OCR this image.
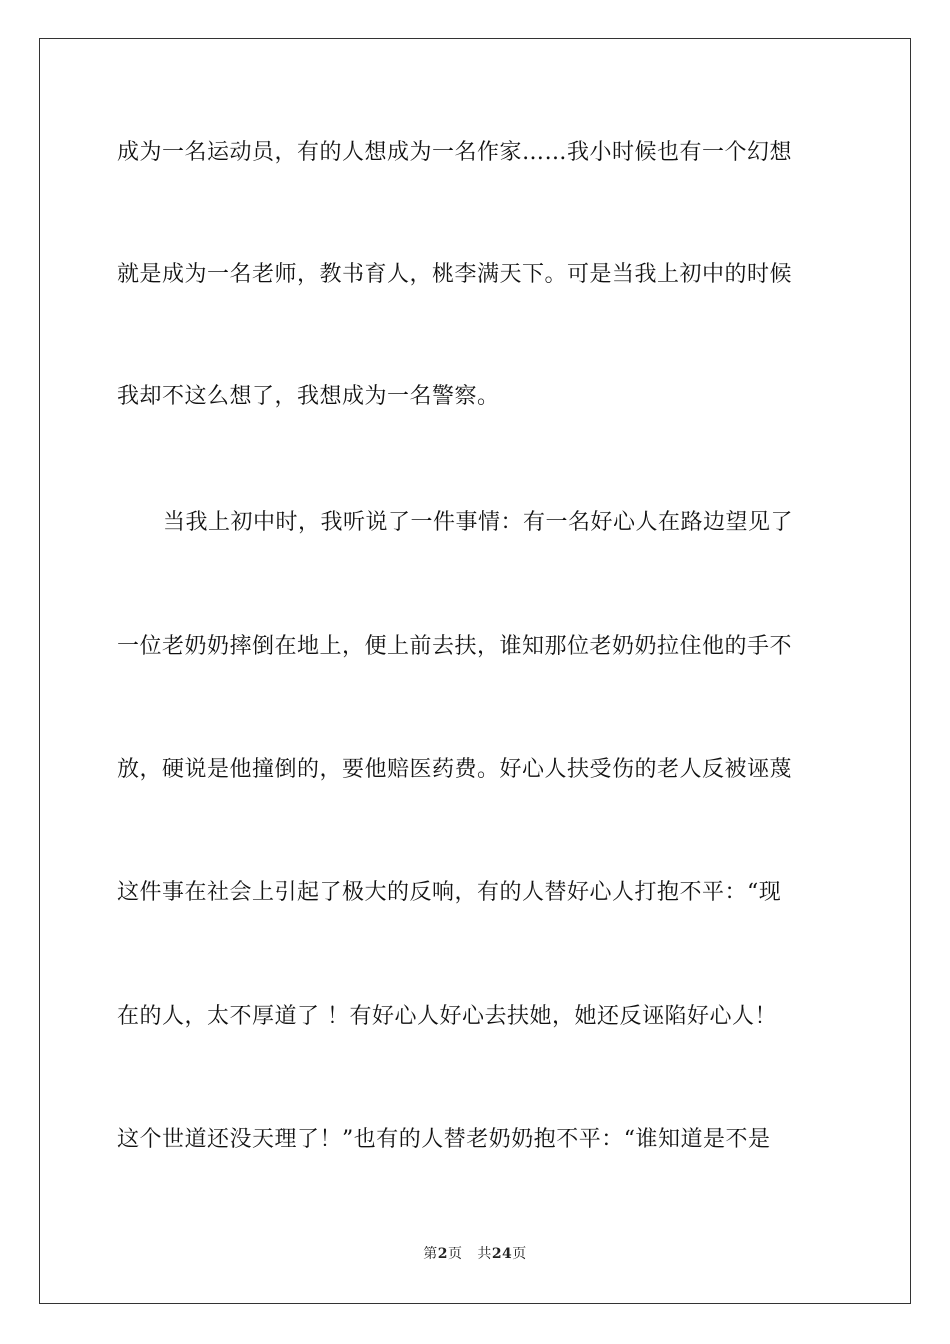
成为一名运动员，有的人想成为一名作家……我小时候也有一个幻想
就是成为一名老师，教书育人，桃李满天下。可是当我上初中的时候
我却不这么想了，我想成为一名警察。
当我上初中时，我听说了一件事情：有一名好心人在路边望见了
一位老奶奶摔倒在地上，便上前去扶，谁知那位老奶奶拉住他的手不
放，硬说是他撞倒的，要他赔医药费。好心人扶受伤的老人反被诬蔑
这件事在社会上引起了极大的反响，有的人替好心人打抱不平：“现
在的人，太不厚道了 ！有好心人好心去扶她，她还反诬陷好心人！
这个世道还没天理了！”也有的人替老奶奶抱不平：“谁知道是不是
第2页 共24页
